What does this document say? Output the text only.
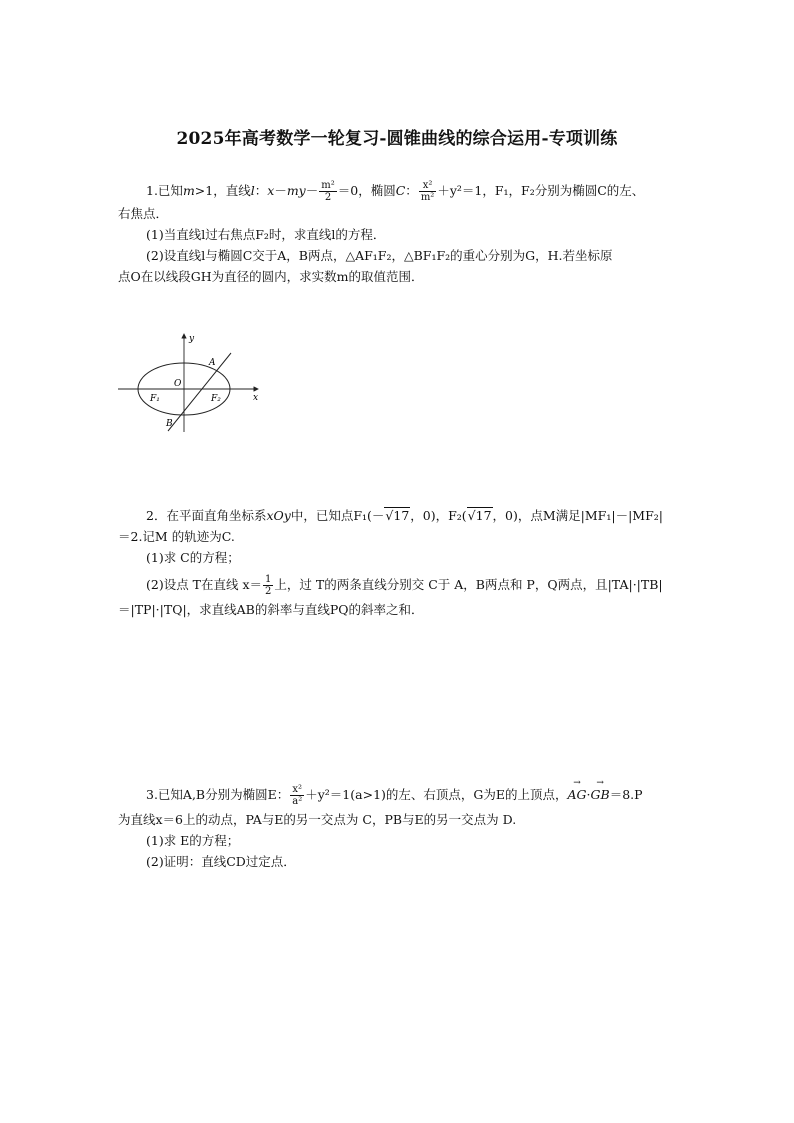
2025年高考数学一轮复习-圆锥曲线的综合运用-专项训练
1.已知m>1，直线l：$x-my- \frac{\text{m²}}{2} =0$，椭圆C： $\frac{\text{x²}}{\text{m²}} +y^2=1$，F₁，F₂分别为椭圆C的左、
右焦点．
(1)当直线l过右焦点F₂时，求直线l的方程．
(2)设直线l与椭圆C交于A，B两点，△AF₁F₂，△BF₁F₂的重心分别为G，H.若坐标原
点O在以线段GH为直径的圆内，求实数m的取值范围．
y
x
O
A
B
F₁	F₂
2．在平面直角坐标系xOy中，已知点F₁(－√17，0)，F₂(√17，0)，点M满足|MF₁|－|MF₂|
＝2.记M 的轨迹为C.
(1)求 C的方程；
(2)设点 T在直线 $x= \frac{1}{2}$ 上，过 T的两条直线分别交 C于 A，B两点和 P，Q两点，且|TA|·|TB|
＝|TP|·|TQ|，求直线AB的斜率与直线PQ的斜率之和．
3.已知A,B分别为椭圆E： $\frac{\text{x²}}{\text{a²}} +y^2=1(a>1)$的左、右顶点，G为E的上顶点，→ AG·→ GB＝8.P
为直线x＝6上的动点，PA与E的另一交点为 C，PB与E的另一交点为 D.
(1)求 E的方程；
(2)证明：直线CD过定点．
